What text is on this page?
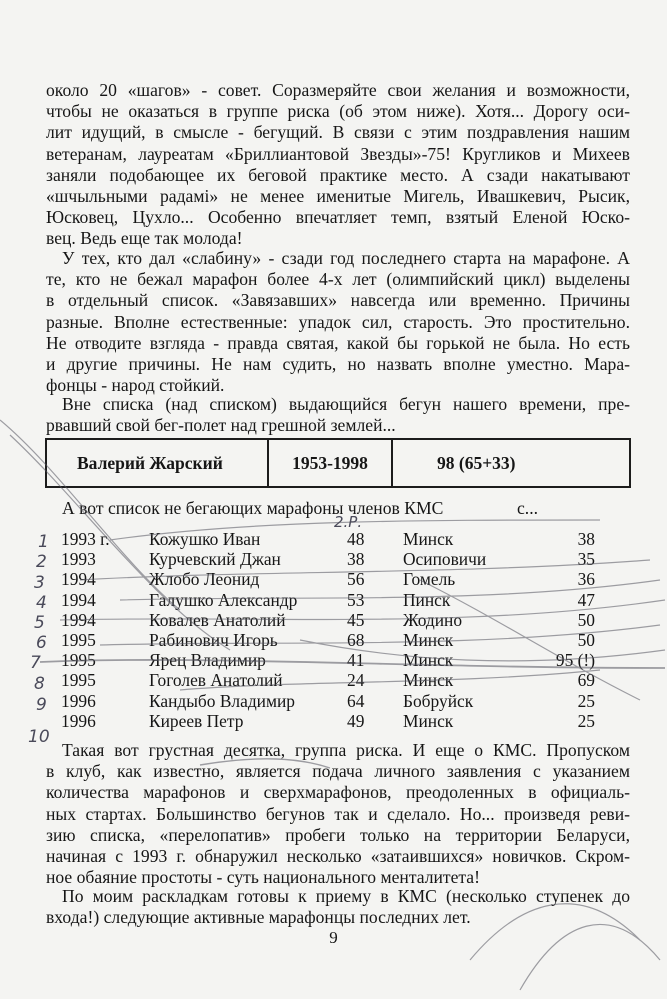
около 20 «шагов» - совет. Соразмеряйте свои желания и возможности,
чтобы не оказаться в группе риска (об этом ниже). Хотя... Дорогу оси-
лит идущий, в смысле - бегущий. В связи с этим поздравления нашим
ветеранам, лауреатам «Бриллиантовой Звезды»-75! Кругликов и Михеев
заняли подобающее их беговой практике место. А сзади накатывают
«шчыльными радамі» не менее именитые Мигель, Ивашкевич, Рысик,
Юсковец, Цухло... Особенно впечатляет темп, взятый Еленой Юско-
вец. Ведь еще так молода!

У тех, кто дал «слабину» - сзади год последнего старта на марафоне. А
те, кто не бежал марафон более 4-х лет (олимпийский цикл) выделены
в отдельный список. «Завязавших» навсегда или временно. Причины
разные. Вполне естественные: упадок сил, старость. Это простительно.
Не отводите взгляда - правда святая, какой бы горькой не была. Но есть
и другие причины. Не нам судить, но назвать вполне уместно. Мара-
фонцы - народ стойкий.

Вне списка (над списком) выдающийся бегун нашего времени, пре-
рвавший свой бег-полет над грешной землей...

Валерий Жарский	1953-1998	98 (65+33)
А вот список не бегающих марафоны членов КМС	с...
1993 г.	Кожушко Иван	48	Минск	38
1993	Курчевский Джан	38	Осиповичи	35
1994	Жлобо Леонид	56	Гомель	36
1994	Галушко Александр	53	Пинск	47
1994	Ковалев Анатолий	45	Жодино	50
1995	Рабинович Игорь	68	Минск	50
1995	Ярец Владимир	41	Минск	95 (!)
1995	Гоголев Анатолий	24	Минск	69
1996	Кандыбо Владимир	64	Бобруйск	25
1996	Киреев Петр	49	Минск	25

Такая вот грустная десятка, группа риска. И еще о КМС. Пропуском
в клуб, как известно, является подача личного заявления с указанием
количества марафонов и сверхмарафонов, преодоленных в официаль-
ных стартах. Большинство бегунов так и сделало. Но... произведя реви-
зию списка, «перелопатив» пробеги только на территории Беларуси,
начиная с 1993 г. обнаружил несколько «затаившихся» новичков. Скром-
ное обаяние простоты - суть национального менталитета!

По моим раскладкам готовы к приему в КМС (несколько ступенек до
входа!) следующие активные марафонцы последних лет.

9
1
2
3
4
5
6
7
8
9
10
2.Р.
